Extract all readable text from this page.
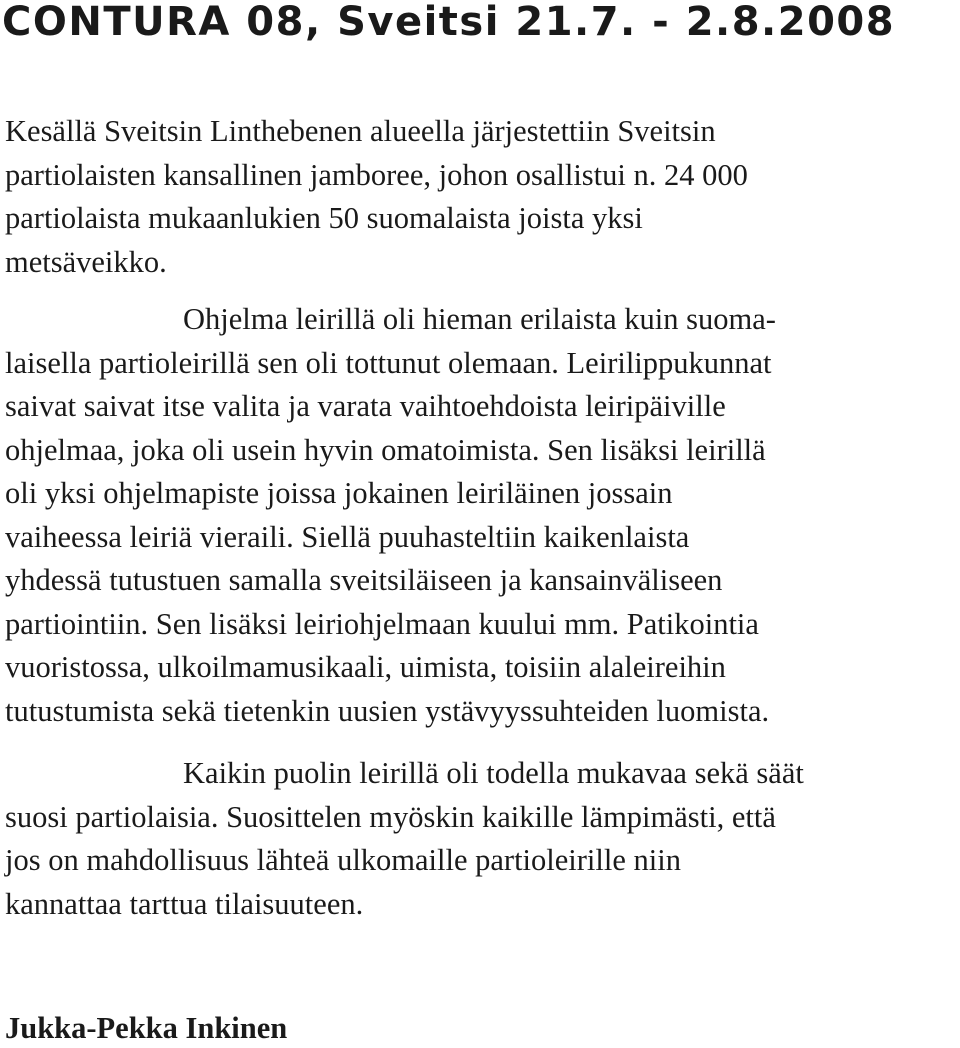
CONTURA 08, Sveitsi 21.7. - 2.8.2008
Kesällä Sveitsin Linthebenen alueella järjestettiin Sveitsin
partiolaisten kansallinen jamboree, johon osallistui n. 24 000
partiolaista mukaanlukien 50 suomalaista joista yksi
metsäveikko.
Ohjelma leirillä oli hieman erilaista kuin suoma-
laisella partioleirillä sen oli tottunut olemaan. Leirilippukunnat
saivat saivat itse valita ja varata vaihtoehdoista leiripäiville
ohjelmaa, joka oli usein hyvin omatoimista. Sen lisäksi leirillä
oli yksi ohjelmapiste joissa jokainen leiriläinen jossain
vaiheessa leiriä vieraili. Siellä puuhasteltiin kaikenlaista
yhdessä tutustuen samalla sveitsiläiseen ja kansainväliseen
partiointiin. Sen lisäksi leiriohjelmaan kuului mm. Patikointia
vuoristossa, ulkoilmamusikaali, uimista, toisiin alaleireihin
tutustumista sekä tietenkin uusien ystävyyssuhteiden luomista.
Kaikin puolin leirillä oli todella mukavaa sekä säät
suosi partiolaisia. Suosittelen myöskin kaikille lämpimästi, että
jos on mahdollisuus lähteä ulkomaille partioleirille niin
kannattaa tarttua tilaisuuteen.

Jukka-Pekka Inkinen
